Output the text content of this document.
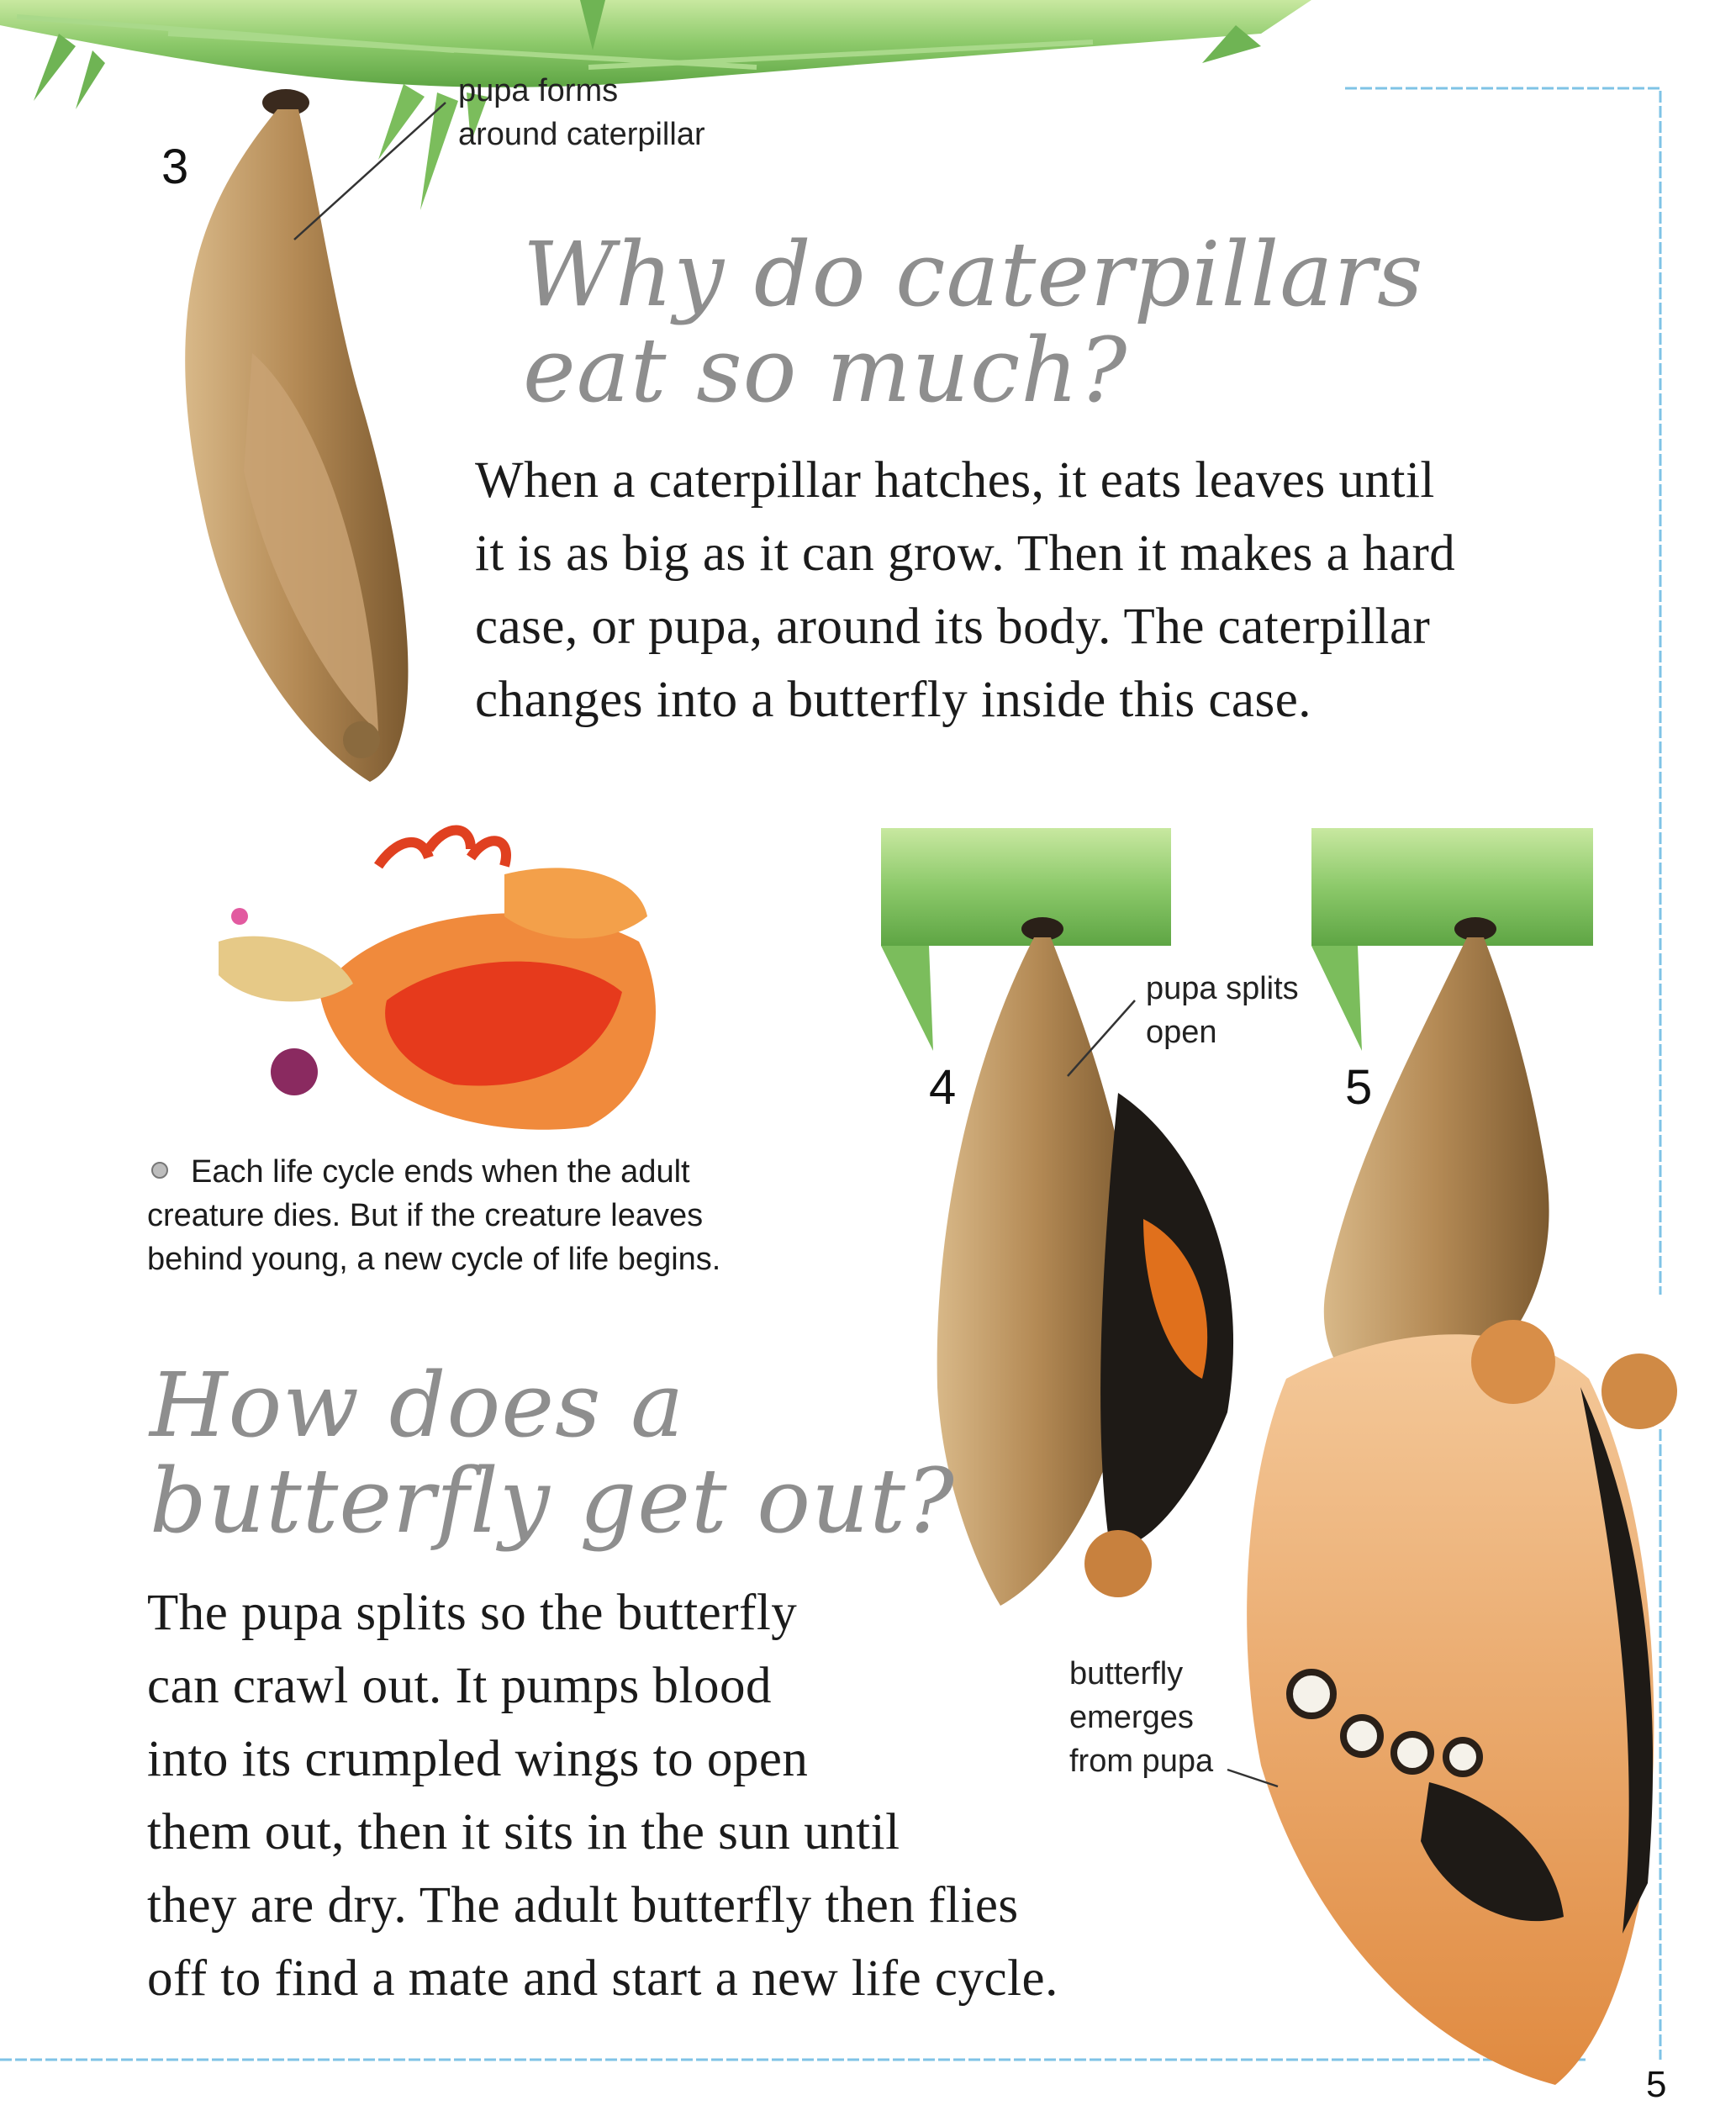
3
4	5
pupa forms
around caterpillar
pupa splits
open
butterfly
emerges
from pupa
Why do caterpillars
eat so much?
When a caterpillar hatches, it eats leaves until
it is as big as it can grow. Then it makes a hard
case, or pupa, around its body. The caterpillar
changes into a butterfly inside this case.
Each life cycle ends when the adult
creature dies. But if the creature leaves
behind young, a new cycle of life begins.
How does a
butterfly get out?
The pupa splits so the butterfly
can crawl out. It pumps blood
into its crumpled wings to open
them out, then it sits in the sun until
they are dry. The adult butterfly then flies
off to find a mate and start a new life cycle.
5
